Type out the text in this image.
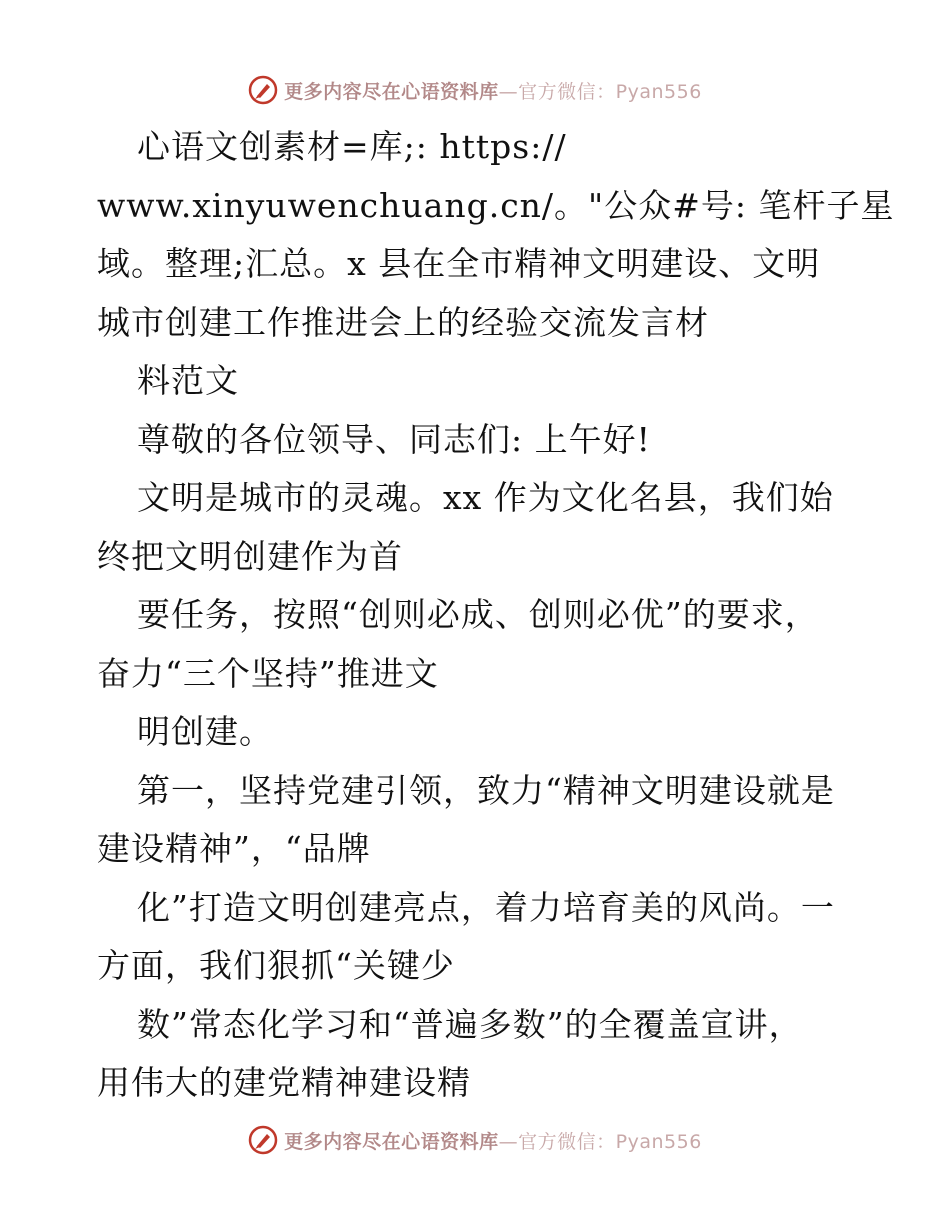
更多内容尽在心语资料库—官方微信：Pyan556
心语文创素材=库;: https://
www.xinyuwenchuang.cn/。"公众#号: 笔杆子星
域。整理;汇总。x 县在全市精神文明建设、文明
城市创建工作推进会上的经验交流发言材
料范文
尊敬的各位领导、同志们: 上午好!
文明是城市的灵魂。xx 作为文化名县，我们始
终把文明创建作为首
要任务，按照“创则必成、创则必优”的要求，
奋力“三个坚持”推进文
明创建。
第一，坚持党建引领，致力“精神文明建设就是
建设精神”，“品牌
化”打造文明创建亮点，着力培育美的风尚。一
方面，我们狠抓“关键少
数”常态化学习和“普遍多数”的全覆盖宣讲，
用伟大的建党精神建设精
更多内容尽在心语资料库—官方微信：Pyan556
